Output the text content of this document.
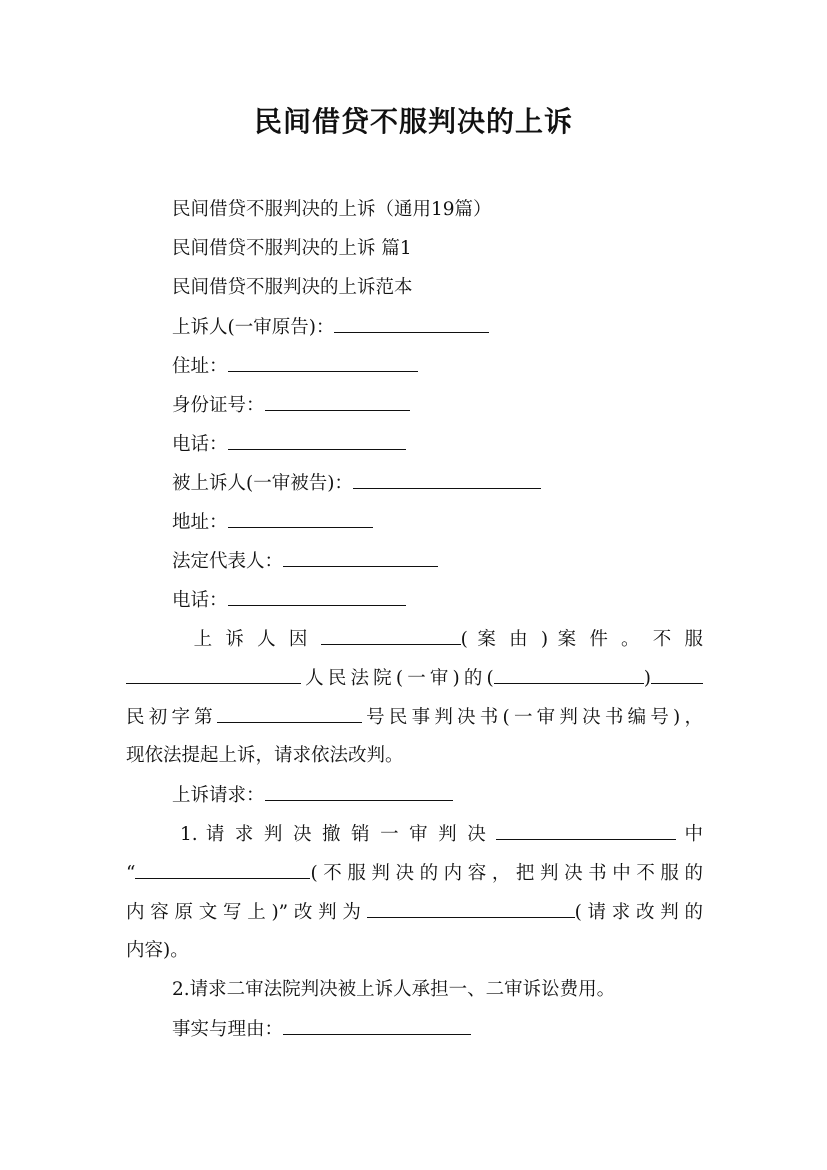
民间借贷不服判决的上诉
民间借贷不服判决的上诉（通用19篇）
民间借贷不服判决的上诉 篇1
民间借贷不服判决的上诉范本
上诉人(一审原告)：
住址：
身份证号：
电话：
被上诉人(一审被告)：
地址：
法定代表人：
电话：
上 诉 人 因	( 案 由 ) 案 件 。 不 服
人民法院(一审)的(	)
民初字第	号民事判决书(一审判决书编号)，
现依法提起上诉，请求依法改判。
上诉请求：
1. 请 求 判 决 撤 销 一 审 判 决	中
“	(不服判决的内容，把判决书中不服的
内容原文写上)”改判为	(请求改判的
内容)。
2.请求二审法院判决被上诉人承担一、二审诉讼费用。
事实与理由：
